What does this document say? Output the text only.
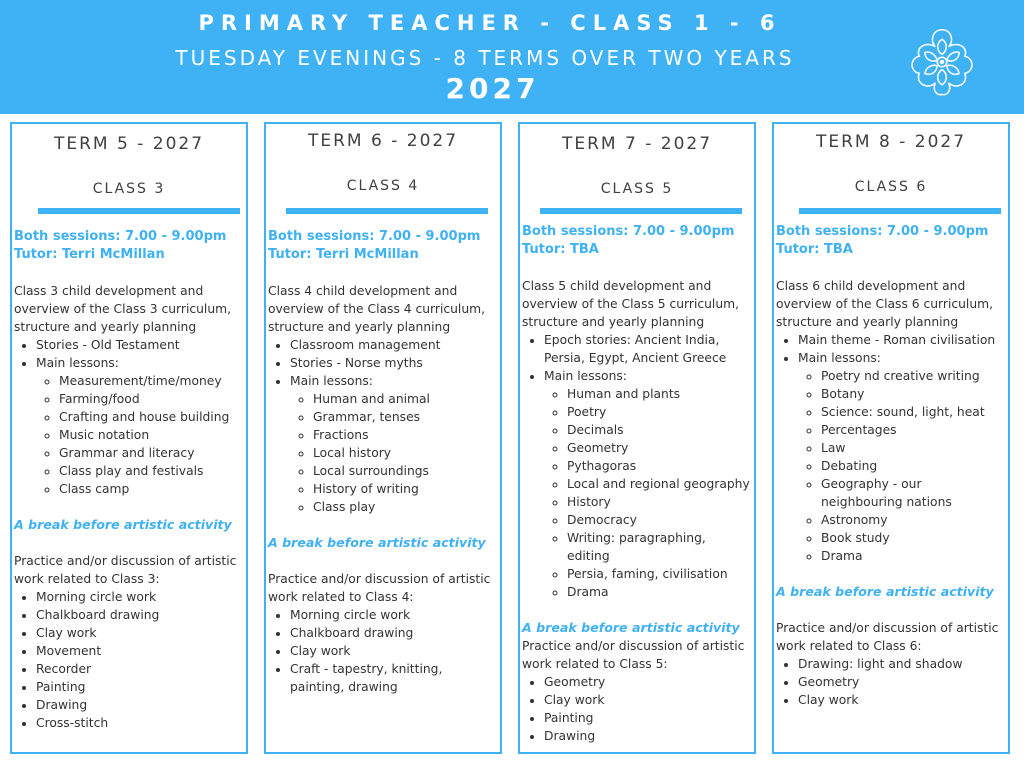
PRIMARY TEACHER - CLASS 1 - 6
TUESDAY EVENINGS - 8 TERMS OVER TWO YEARS
2027
TERM 5 - 2027
CLASS 3

Both sessions: 7.00 - 9.00pm

Tutor: Terri McMillan

Class 3 child development and overview of the Class 3 curriculum, structure and yearly planning

• Stories - Old Testament
• Main lessons:
◦ Measurement/time/money
◦ Farming/food
◦ Crafting and house building
◦ Music notation
◦ Grammar and literacy
◦ Class play and festivals
◦ Class camp

A break before artistic activity

Practice and/or discussion of artistic work related to Class 3:

• Morning circle work
• Chalkboard drawing
• Clay work
• Movement
• Recorder
• Painting
• Drawing
• Cross-stitch
TERM 6 - 2027
CLASS 4

Both sessions: 7.00 - 9.00pm

Tutor: Terri McMillan

Class 4 child development and overview of the Class 4 curriculum, structure and yearly planning

• Classroom management
• Stories - Norse myths
• Main lessons:
◦ Human and animal
◦ Grammar, tenses
◦ Fractions
◦ Local history
◦ Local surroundings
◦ History of writing
◦ Class play

A break before artistic activity

Practice and/or discussion of artistic work related to Class 4:

• Morning circle work
• Chalkboard drawing
• Clay work
• Craft - tapestry, knitting, painting, drawing
TERM 7 - 2027
CLASS 5

Both sessions: 7.00 - 9.00pm

Tutor: TBA

Class 5 child development and overview of the Class 5 curriculum, structure and yearly planning

• Epoch stories: Ancient India, Persia, Egypt, Ancient Greece
• Main lessons:
◦ Human and plants
◦ Poetry
◦ Decimals
◦ Geometry
◦ Pythagoras
◦ Local and regional geography
◦ History
◦ Democracy
◦ Writing: paragraphing, editing
◦ Persia, faming, civilisation
◦ Drama

A break before artistic activity

Practice and/or discussion of artistic work related to Class 5:

• Geometry
• Clay work
• Painting
• Drawing
TERM 8 - 2027
CLASS 6

Both sessions: 7.00 - 9.00pm

Tutor: TBA

Class 6 child development and overview of the Class 6 curriculum, structure and yearly planning

• Main theme - Roman civilisation
• Main lessons:
◦ Poetry nd creative writing
◦ Botany
◦ Science: sound, light, heat
◦ Percentages
◦ Law
◦ Debating
◦ Geography - our neighbouring nations
◦ Astronomy
◦ Book study
◦ Drama

A break before artistic activity

Practice and/or discussion of artistic work related to Class 6:

• Drawing: light and shadow
• Geometry
• Clay work
